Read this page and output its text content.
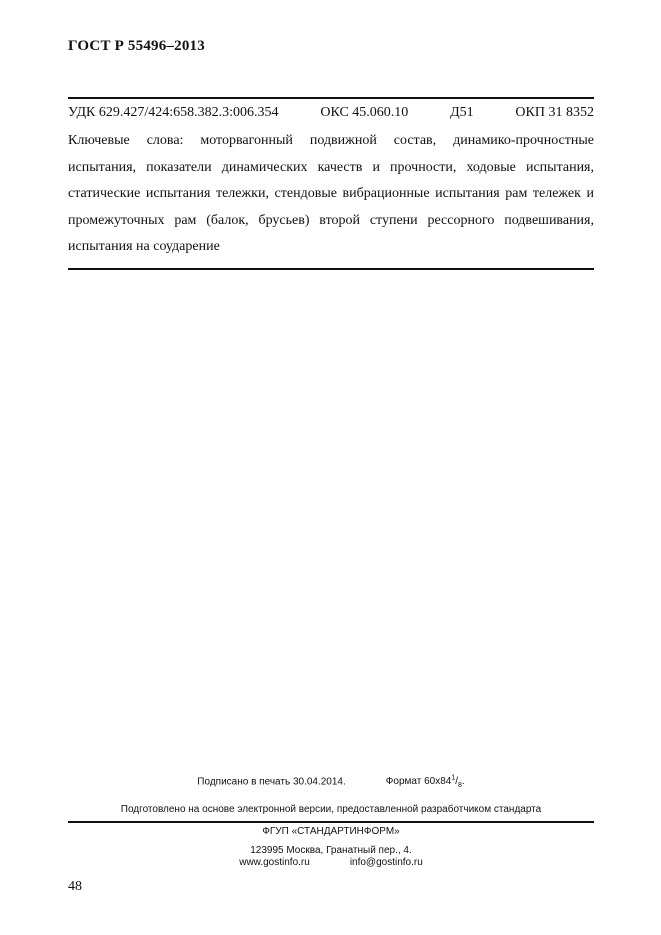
ГОСТ Р 55496–2013
УДК 629.427/424:658.382.3:006.354	ОКС 45.060.10	Д51	ОКП 31 8352
Ключевые слова: моторвагонный подвижной состав, динамико-прочностные испытания, показатели динамических качеств и прочности, ходовые испытания, статические испытания тележки, стендовые вибрационные испытания рам тележек и промежуточных рам (балок, брусьев) второй ступени рессорного подвешивания, испытания на соударение
Подписано в печать 30.04.2014.	Формат $60x84^1/_8$.
Подготовлено на основе электронной версии, предоставленной разработчиком стандарта
ФГУП «СТАНДАРТИНФОРМ»
123995 Москва, Гранатный пер., 4.
www.gostinfo.ru	info@gostinfo.ru
48
